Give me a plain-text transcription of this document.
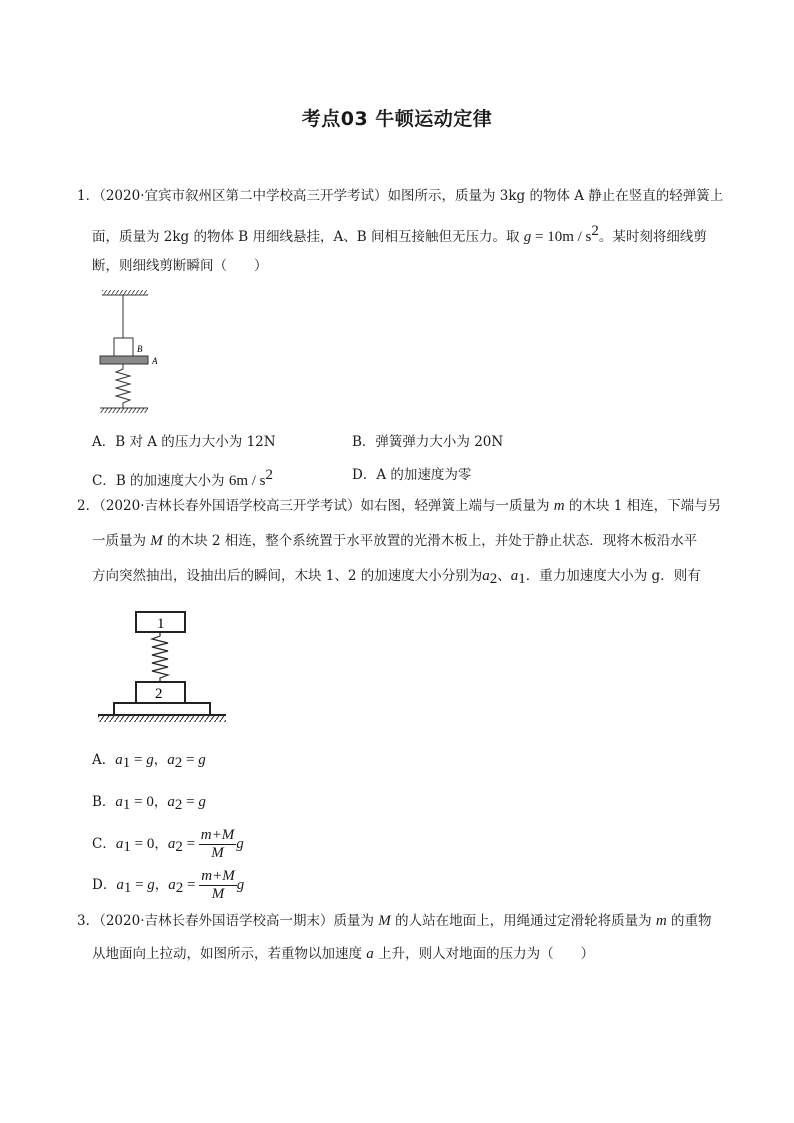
考点03 牛顿运动定律
1．（2020·宜宾市叙州区第二中学校高三开学考试）如图所示，质量为 3kg 的物体 A 静止在竖直的轻弹簧上
面，质量为 2kg 的物体 B 用细线悬挂，A、B 间相互接触但无压力。取 $g = 10m / s^2$。某时刻将细线剪
断，则细线剪断瞬间（　　）
B
A
A．B 对 A 的压力大小为 12N	B．弹簧弹力大小为 20N
C．B 的加速度大小为 $6m / s^2$	D．A 的加速度为零
2．（2020·吉林长春外国语学校高三开学考试）如右图，轻弹簧上端与一质量为 m 的木块 1 相连，下端与另
一质量为 M 的木块 2 相连，整个系统置于水平放置的光滑木板上，并处于静止状态．现将木板沿水平
方向突然抽出，设抽出后的瞬间，木块 1、2 的加速度大小分别为$a_2$、$a_1$．重力加速度大小为 g．则有
1
2
A．$a_1 = g$，$a_2 = g$
B．$a_1 = 0$，$a_2 = g$
C．$a_1 = 0$，$a_2 = \frac{m+M}{M}$ g
D．$a_1 = g$，$a_2 = \frac{m+M}{M}$ g
3．（2020·吉林长春外国语学校高一期末）质量为 M 的人站在地面上，用绳通过定滑轮将质量为 m 的重物
从地面向上拉动，如图所示，若重物以加速度 a 上升，则人对地面的压力为（　　）
